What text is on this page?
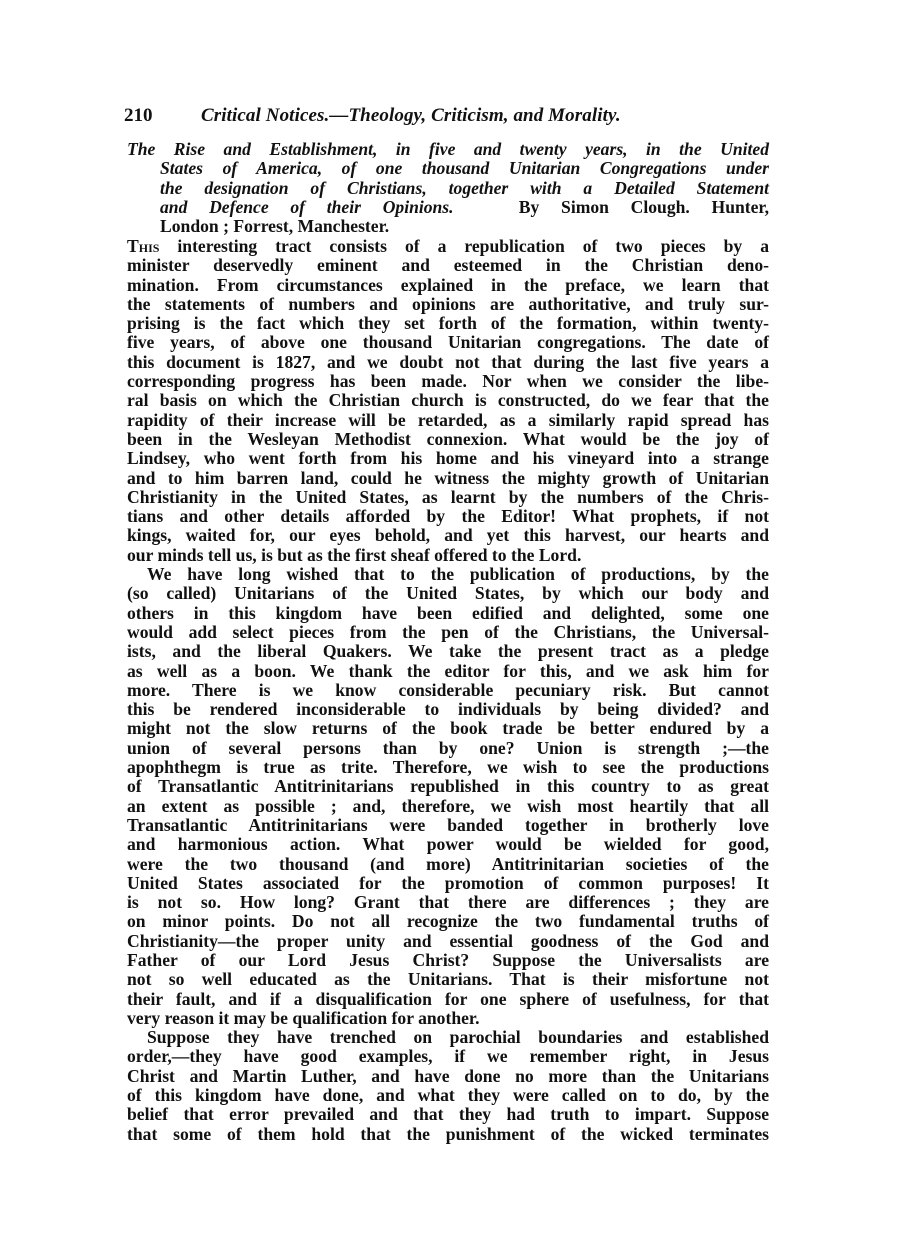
210	Critical Notices.—Theology, Criticism, and Morality.
The Rise and Establishment, in five and twenty years, in the United
States of America, of one thousand Unitarian Congregations under
the designation of Christians, together with a Detailed Statement
and Defence of their Opinions.	By Simon Clough. Hunter,
London ; Forrest, Manchester.
This interesting tract consists of a republication of two pieces by a
minister deservedly eminent and esteemed in the Christian deno-
mination. From circumstances explained in the preface, we learn that
the statements of numbers and opinions are authoritative, and truly sur-
prising is the fact which they set forth of the formation, within twenty-
five years, of above one thousand Unitarian congregations. The date of
this document is 1827, and we doubt not that during the last five years a
corresponding progress has been made. Nor when we consider the libe-
ral basis on which the Christian church is constructed, do we fear that the
rapidity of their increase will be retarded, as a similarly rapid spread has
been in the Wesleyan Methodist connexion. What would be the joy of
Lindsey, who went forth from his home and his vineyard into a strange
and to him barren land, could he witness the mighty growth of Unitarian
Christianity in the United States, as learnt by the numbers of the Chris-
tians and other details afforded by the Editor! What prophets, if not
kings, waited for, our eyes behold, and yet this harvest, our hearts and
our minds tell us, is but as the first sheaf offered to the Lord.
We have long wished that to the publication of productions, by the
(so called) Unitarians of the United States, by which our body and
others in this kingdom have been edified and delighted, some one
would add select pieces from the pen of the Christians, the Universal-
ists, and the liberal Quakers. We take the present tract as a pledge
as well as a boon. We thank the editor for this, and we ask him for
more. There is we know considerable pecuniary risk. But cannot
this be rendered inconsiderable to individuals by being divided? and
might not the slow returns of the book trade be better endured by a
union of several persons than by one? Union is strength ;—the
apophthegm is true as trite. Therefore, we wish to see the productions
of Transatlantic Antitrinitarians republished in this country to as great
an extent as possible ; and, therefore, we wish most heartily that all
Transatlantic Antitrinitarians were banded together in brotherly love
and harmonious action. What power would be wielded for good,
were the two thousand (and more) Antitrinitarian societies of the
United States associated for the promotion of common purposes! It
is not so. How long? Grant that there are differences ; they are
on minor points. Do not all recognize the two fundamental truths of
Christianity—the proper unity and essential goodness of the God and
Father of our Lord Jesus Christ? Suppose the Universalists are
not so well educated as the Unitarians. That is their misfortune not
their fault, and if a disqualification for one sphere of usefulness, for that
very reason it may be qualification for another.
Suppose they have trenched on parochial boundaries and established
order,—they have good examples, if we remember right, in Jesus
Christ and Martin Luther, and have done no more than the Unitarians
of this kingdom have done, and what they were called on to do, by the
belief that error prevailed and that they had truth to impart. Suppose
that some of them hold that the punishment of the wicked terminates
